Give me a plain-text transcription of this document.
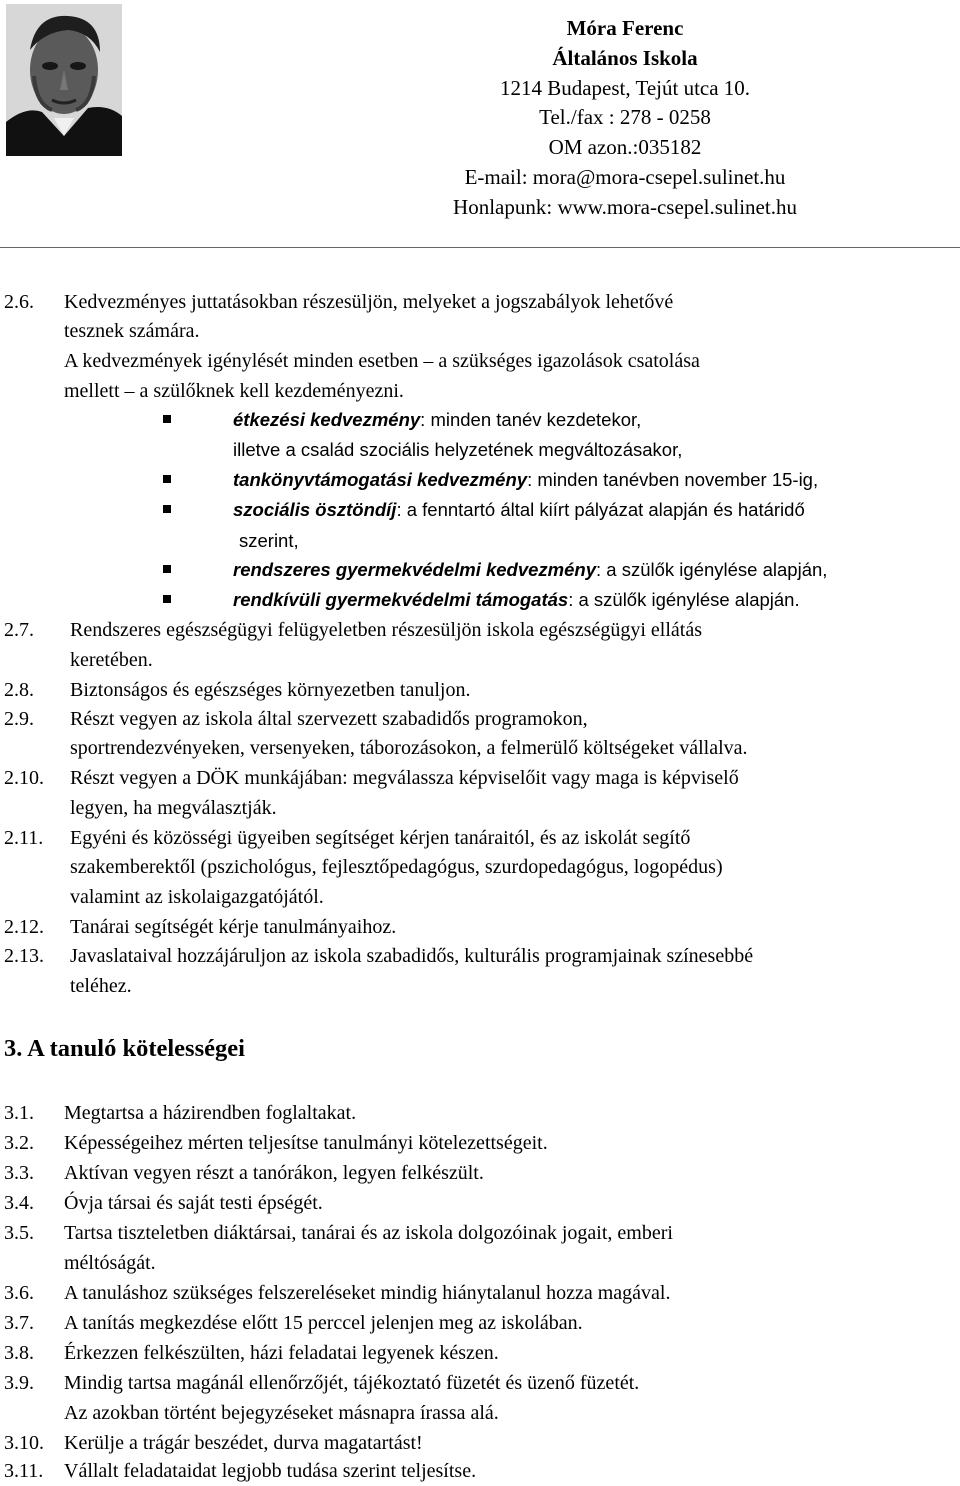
Móra Ferenc
Általános Iskola
1214 Budapest, Tejút utca 10.
Tel./fax : 278 - 0258
OM azon.:035182
E-mail: mora@mora-csepel.sulinet.hu
Honlapunk: www.mora-csepel.sulinet.hu
2.6. Kedvezményes juttatásokban részesüljön, melyeket a jogszabályok lehetővé
tesznek számára.
A kedvezmények igénylését minden esetben – a szükséges igazolások csatolása
mellett – a szülőknek kell kezdeményezni.
étkezési kedvezmény: minden tanév kezdetekor,
illetve a család szociális helyzetének megváltozásakor,
tankönyvtámogatási kedvezmény: minden tanévben november 15-ig,
szociális ösztöndíj: a fenntartó által kiírt pályázat alapján és határidő
szerint,
rendszeres gyermekvédelmi kedvezmény: a szülők igénylése alapján,
rendkívüli gyermekvédelmi támogatás: a szülők igénylése alapján.
2.7. Rendszeres egészségügyi felügyeletben részesüljön iskola egészségügyi ellátás
keretében.
2.8. Biztonságos és egészséges környezetben tanuljon.
2.9. Részt vegyen az iskola által szervezett szabadidős programokon,
sportrendezvényeken, versenyeken, táborozásokon, a felmerülő költségeket vállalva.
2.10. Részt vegyen a DÖK munkájában: megválassza képviselőit vagy maga is képviselő
legyen, ha megválasztják.
2.11. Egyéni és közösségi ügyeiben segítséget kérjen tanáraitól, és az iskolát segítő
szakemberektől (pszichológus, fejlesztőpedagógus, szurdopedagógus, logopédus)
valamint az iskolaigazgatójától.
2.12. Tanárai segítségét kérje tanulmányaihoz.
2.13. Javaslataival hozzájáruljon az iskola szabadidős, kulturális programjainak színesebbé
teléhez.
3. A tanuló kötelességei
3.1. Megtartsa a házirendben foglaltakat.
3.2. Képességeihez mérten teljesítse tanulmányi kötelezettségeit.
3.3. Aktívan vegyen részt a tanórákon, legyen felkészült.
3.4. Óvja társai és saját testi épségét.
3.5. Tartsa tiszteletben diáktársai, tanárai és az iskola dolgozóinak jogait, emberi
méltóságát.
3.6. A tanuláshoz szükséges felszereléseket mindig hiánytalanul hozza magával.
3.7. A tanítás megkezdése előtt 15 perccel jelenjen meg az iskolában.
3.8. Érkezzen felkészülten, házi feladatai legyenek készen.
3.9. Mindig tartsa magánál ellenőrzőjét, tájékoztató füzetét és üzenő füzetét.
Az azokban történt bejegyzéseket másnapra írassa alá.
3.10. Kerülje a trágár beszédet, durva magatartást!
3.11. Vállalt feladataidat legjobb tudása szerint teljesítse.
